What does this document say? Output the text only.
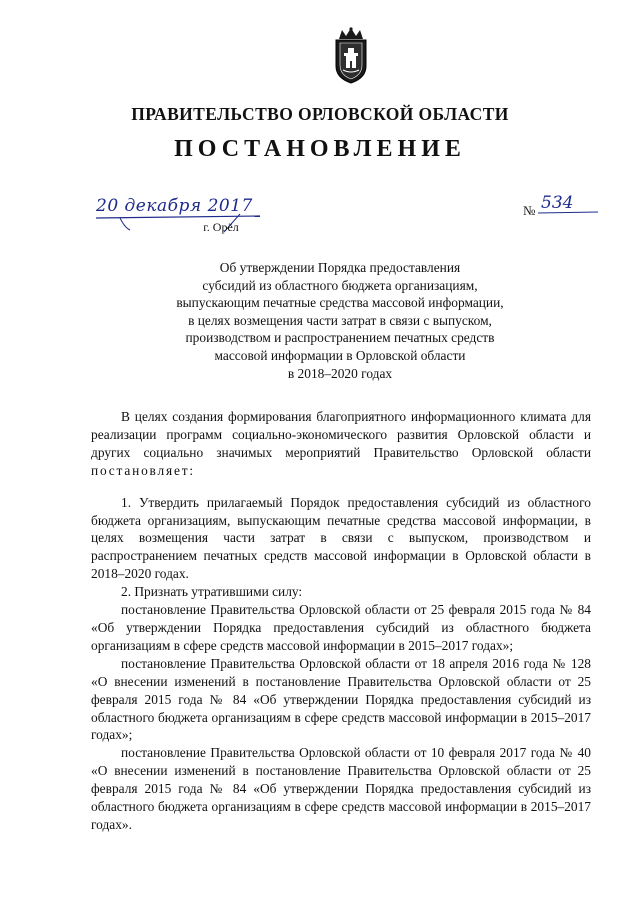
ПРАВИТЕЛЬСТВО ОРЛОВСКОЙ ОБЛАСТИ
ПОСТАНОВЛЕНИЕ
20 декабря 2017
г. Орёл
№ 534
Об утверждении Порядка предоставления
субсидий из областного бюджета организациям,
выпускающим печатные средства массовой информации,
в целях возмещения части затрат в связи с выпуском,
производством и распространением печатных средств
массовой информации в Орловской области
в 2018–2020 годах

В целях создания формирования благоприятного информационного климата для реализации программ социально-экономического развития Орловской области и других социально значимых мероприятий Правительство Орловской области постановляет:

1. Утвердить прилагаемый Порядок предоставления субсидий из областного бюджета организациям, выпускающим печатные средства массовой информации, в целях возмещения части затрат в связи с выпуском, производством и распространением печатных средств массовой информации в Орловской области в 2018–2020 годах.

2. Признать утратившими силу:

постановление Правительства Орловской области от 25 февраля 2015 года № 84 «Об утверждении Порядка предоставления субсидий из областного бюджета организациям в сфере средств массовой информации в 2015–2017 годах»;

постановление Правительства Орловской области от 18 апреля 2016 года № 128 «О внесении изменений в постановление Правительства Орловской области от 25 февраля 2015 года № 84 «Об утверждении Порядка предоставления субсидий из областного бюджета организациям в сфере средств массовой информации в 2015–2017 годах»;

постановление Правительства Орловской области от 10 февраля 2017 года № 40 «О внесении изменений в постановление Правительства Орловской области от 25 февраля 2015 года № 84 «Об утверждении Порядка предоставления субсидий из областного бюджета организациям в сфере средств массовой информации в 2015–2017 годах».
